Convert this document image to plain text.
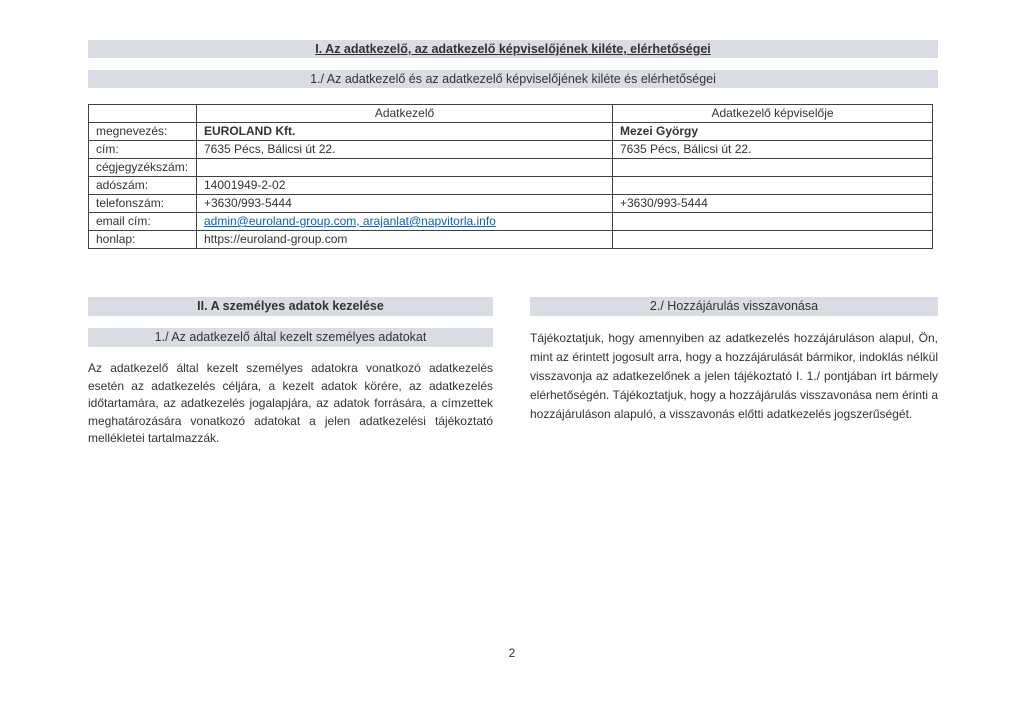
I. Az adatkezelő, az adatkezelő képviselőjének kiléte, elérhetőségei
1./ Az adatkezelő és az adatkezelő képviselőjének kiléte és elérhetőségei
	Adatkezelő	Adatkezelő képviselője
megnevezés:	EUROLAND Kft.	Mezei György
cím:	7635 Pécs, Bálicsi út 22.	7635 Pécs, Bálicsi út 22.
cégjegyzékszám:		
adószám:	14001949-2-02	
telefonszám:	+3630/993-5444	+3630/993-5444
email cím:	admin@euroland-group.com, arajanlat@napvitorla.info	
honlap:	https://euroland-group.com	
II. A személyes adatok kezelése
1./ Az adatkezelő által kezelt személyes adatokat
Az adatkezelő által kezelt személyes adatokra vonatkozó adatkezelés esetén az adatkezelés céljára, a kezelt adatok körére, az adatkezelés időtartamára, az adatkezelés jogalapjára, az adatok forrására, a címzettek meghatározására vonatkozó adatokat a jelen adatkezelési tájékoztató mellékletei tartalmazzák.
2./ Hozzájárulás visszavonása
Tájékoztatjuk, hogy amennyiben az adatkezelés hozzájáruláson alapul, Ön, mint az érintett jogosult arra, hogy a hozzájárulását bármikor, indoklás nélkül visszavonja az adatkezelőnek a jelen tájékoztató I. 1./ pontjában írt bármely elérhetőségén. Tájékoztatjuk, hogy a hozzájárulás visszavonása nem érinti a hozzájáruláson alapuló, a visszavonás előtti adatkezelés jogszerűségét.
2
